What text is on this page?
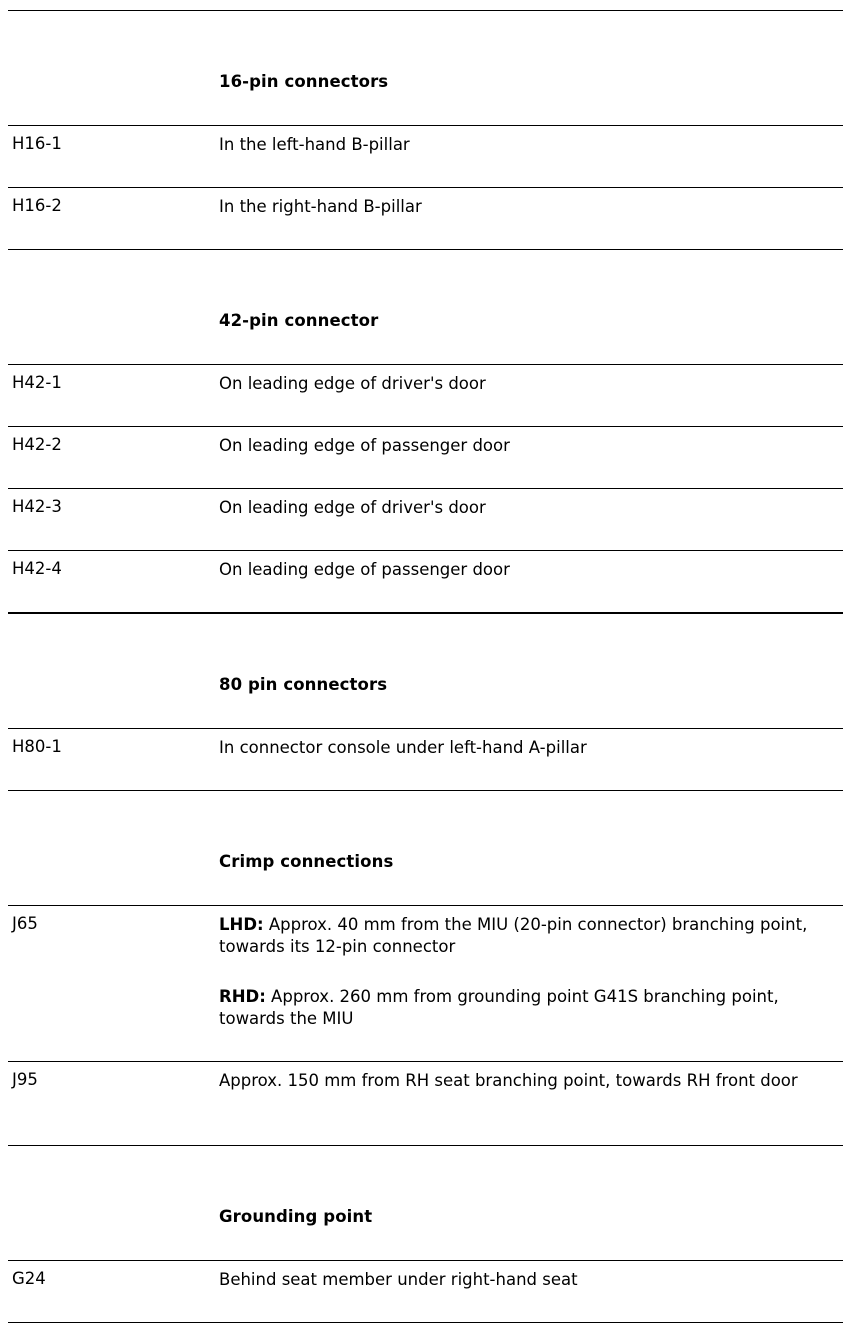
16-pin connectors
H16-1	In the left-hand B-pillar

H16-2	In the right-hand B-pillar

42-pin connector
H42-1	On leading edge of driver's door

H42-2	On leading edge of passenger door

H42-3	On leading edge of driver's door

H42-4	On leading edge of passenger door

80 pin connectors
H80-1	In connector console under left-hand A-pillar

Crimp connections
J65	LHD: Approx. 40 mm from the MIU (20-pin connector) branching point, towards its 12-pin connector

RHD: Approx. 260 mm from grounding point G41S branching point, towards the MIU

J95	Approx. 150 mm from RH seat branching point, towards RH front door

Grounding point
G24	Behind seat member under right-hand seat
